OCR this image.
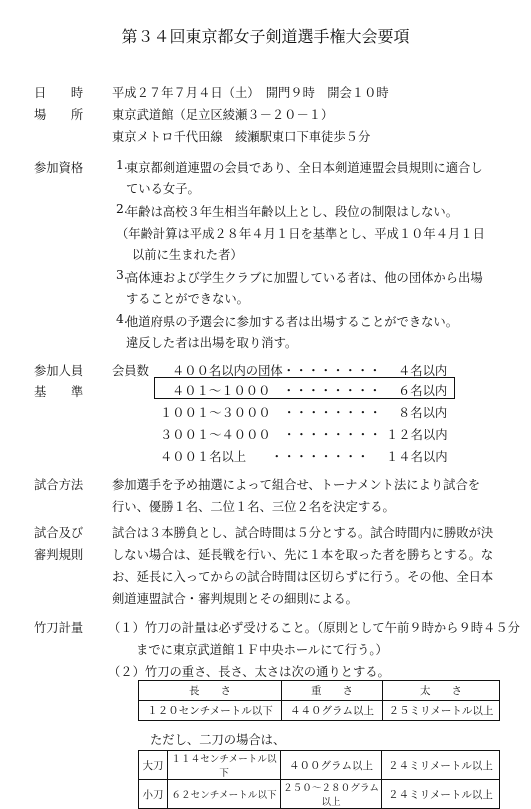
第３４回東京都女子剣道選手権大会要項
日　　時 平成２７年７月４日（土）　開門９時　開会１０時
場　　所 東京武道館（足立区綾瀬３－２０－１）
東京メトロ千代田線　綾瀬駅東口下車徒歩５分
参加資格	1.
東京都剣道連盟の会員であり、全日本剣道連盟会員規則に適合し
ている女子。
2.
年齢は高校３年生相当年齢以上とし、段位の制限はしない。
（年齢計算は平成２８年４月１日を基準とし、平成１０年４月１日
以前に生まれた者）
3.
高体連および学生クラブに加盟している者は、他の団体から出場
することができない。
4.
他道府県の予選会に参加する者は出場することができない。
違反した者は出場を取り消す。
参加人員
基　　準
会員数 ４００名以内の団体・・・・・・・・ ４名以内
４０１～１０００　・・・・・・・・ ６名以内
１００１～３０００　・・・・・・・・ ８名以内
３００１～４０００　・・・・・・・・ １２名以内
４００１名以上　　・・・・・・・・ １４名以内
試合方法 参加選手を予め抽選によって組合せ、トーナメント法により試合を
行い、優勝１名、二位１名、三位２名を決定する。
試合及び
審判規則
試合は３本勝負とし、試合時間は５分とする。試合時間内に勝敗が決
しない場合は、延長戦を行い、先に１本を取った者を勝ちとする。な
お、延長に入ってからの試合時間は区切らずに行う。その他、全日本
剣道連盟試合・審判規則とその細則による。
竹刀計量 （１）竹刀の計量は必ず受けること。（原則として午前９時から９時４５分
までに東京武道館１Ｆ中央ホールにて行う。）
（２）竹刀の重さ、長さ、太さは次の通りとする。
長　　さ	重　　さ	太　　さ
１２０センチメートル以下	４４０グラム以上	２５ミリメートル以上
ただし、二刀の場合は、
大刀	１１４センチメートル以下	４００グラム以上	２４ミリメートル以上
小刀	６２センチメートル以下	２５０～２８０グラム以上	２４ミリメートル以上
